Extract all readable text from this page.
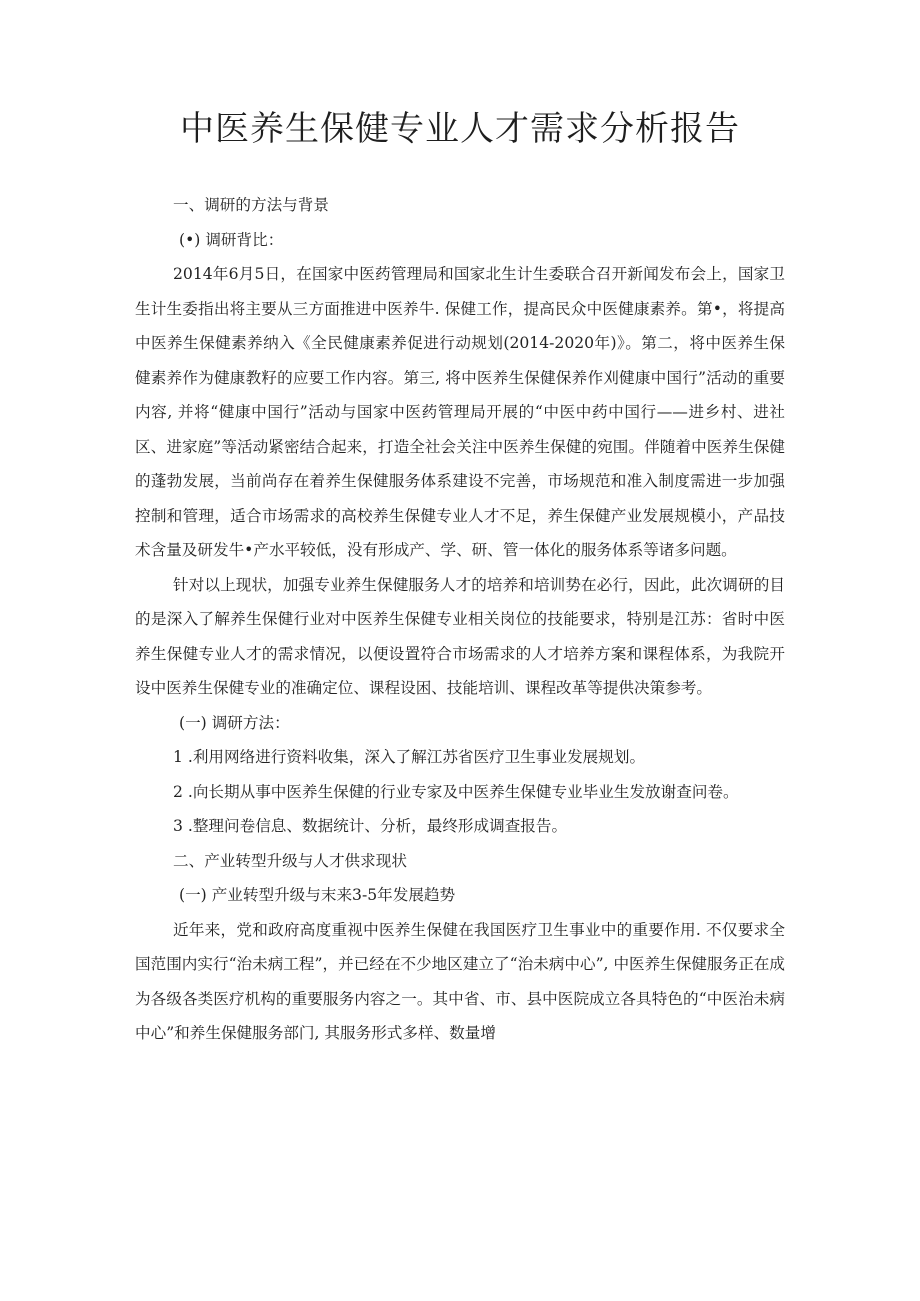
中医养生保健专业人才需求分析报告

一、调研的方法与背景

(•) 调研背比：

2014年6月5日，在国家中医药管理局和国家北生计生委联合召开新闻发布会上，国家卫生计生委指出将主要从三方面推进中医养牛. 保健工作，提高民众中医健康素养。第•，将提高中医养生保健素养纳入《全民健康素养促进行动规划(2014-2020年)》。第二，将中医养生保健素养作为健康教籽的应要工作内容。第三, 将中医养生保健保养作刈健康中国行”活动的重要内容, 并将“健康中国行”活动与国家中医药管理局开展的“中医中药中国行——进乡村、进社区、进家庭”等活动紧密结合起来，打造全社会关注中医养生保健的宛围。伴随着中医养生保健的蓬勃发展，当前尚存在着养生保健服务体系建设不完善，市场规范和准入制度需进一步加强控制和管理，适合市场需求的高校养生保健专业人才不足，养生保健产业发展规模小，产品技术含量及研发牛•产水平较低，没有形成产、学、研、管一体化的服务体系等诸多问题。

针对以上现状，加强专业养生保健服务人才的培养和培训势在必行，因此，此次调研的目的是深入了解养生保健行业对中医养生保健专业相关岗位的技能要求，特别是江苏：省时中医养生保健专业人才的需求情况，以便设置符合市场需求的人才培养方案和课程体系，为我院开设中医养生保健专业的准确定位、课程设困、技能培训、课程改革等提供决策参考。

(一) 调研方法：

1 .利用网络进行资料收集，深入了解江苏省医疗卫生事业发展规划。

2 .向长期从事中医养生保健的行业专家及中医养生保健专业毕业生发放谢查问卷。

3 .整理问卷信息、数据统计、分析，最终形成调查报告。

二、产业转型升级与人才供求现状

(一) 产业转型升级与末来3-5年发展趋势

近年来，党和政府高度重视中医养生保健在我国医疗卫生事业中的重要作用. 不仅要求全国范围内实行“治未病工程”，并已经在不少地区建立了“治未病中心”, 中医养生保健服务正在成为各级各类医疗机构的重要服务内容之一。其中省、市、县中医院成立各具特色的“中医治未病中心”和养生保健服务部门, 其服务形式多样、数量增
